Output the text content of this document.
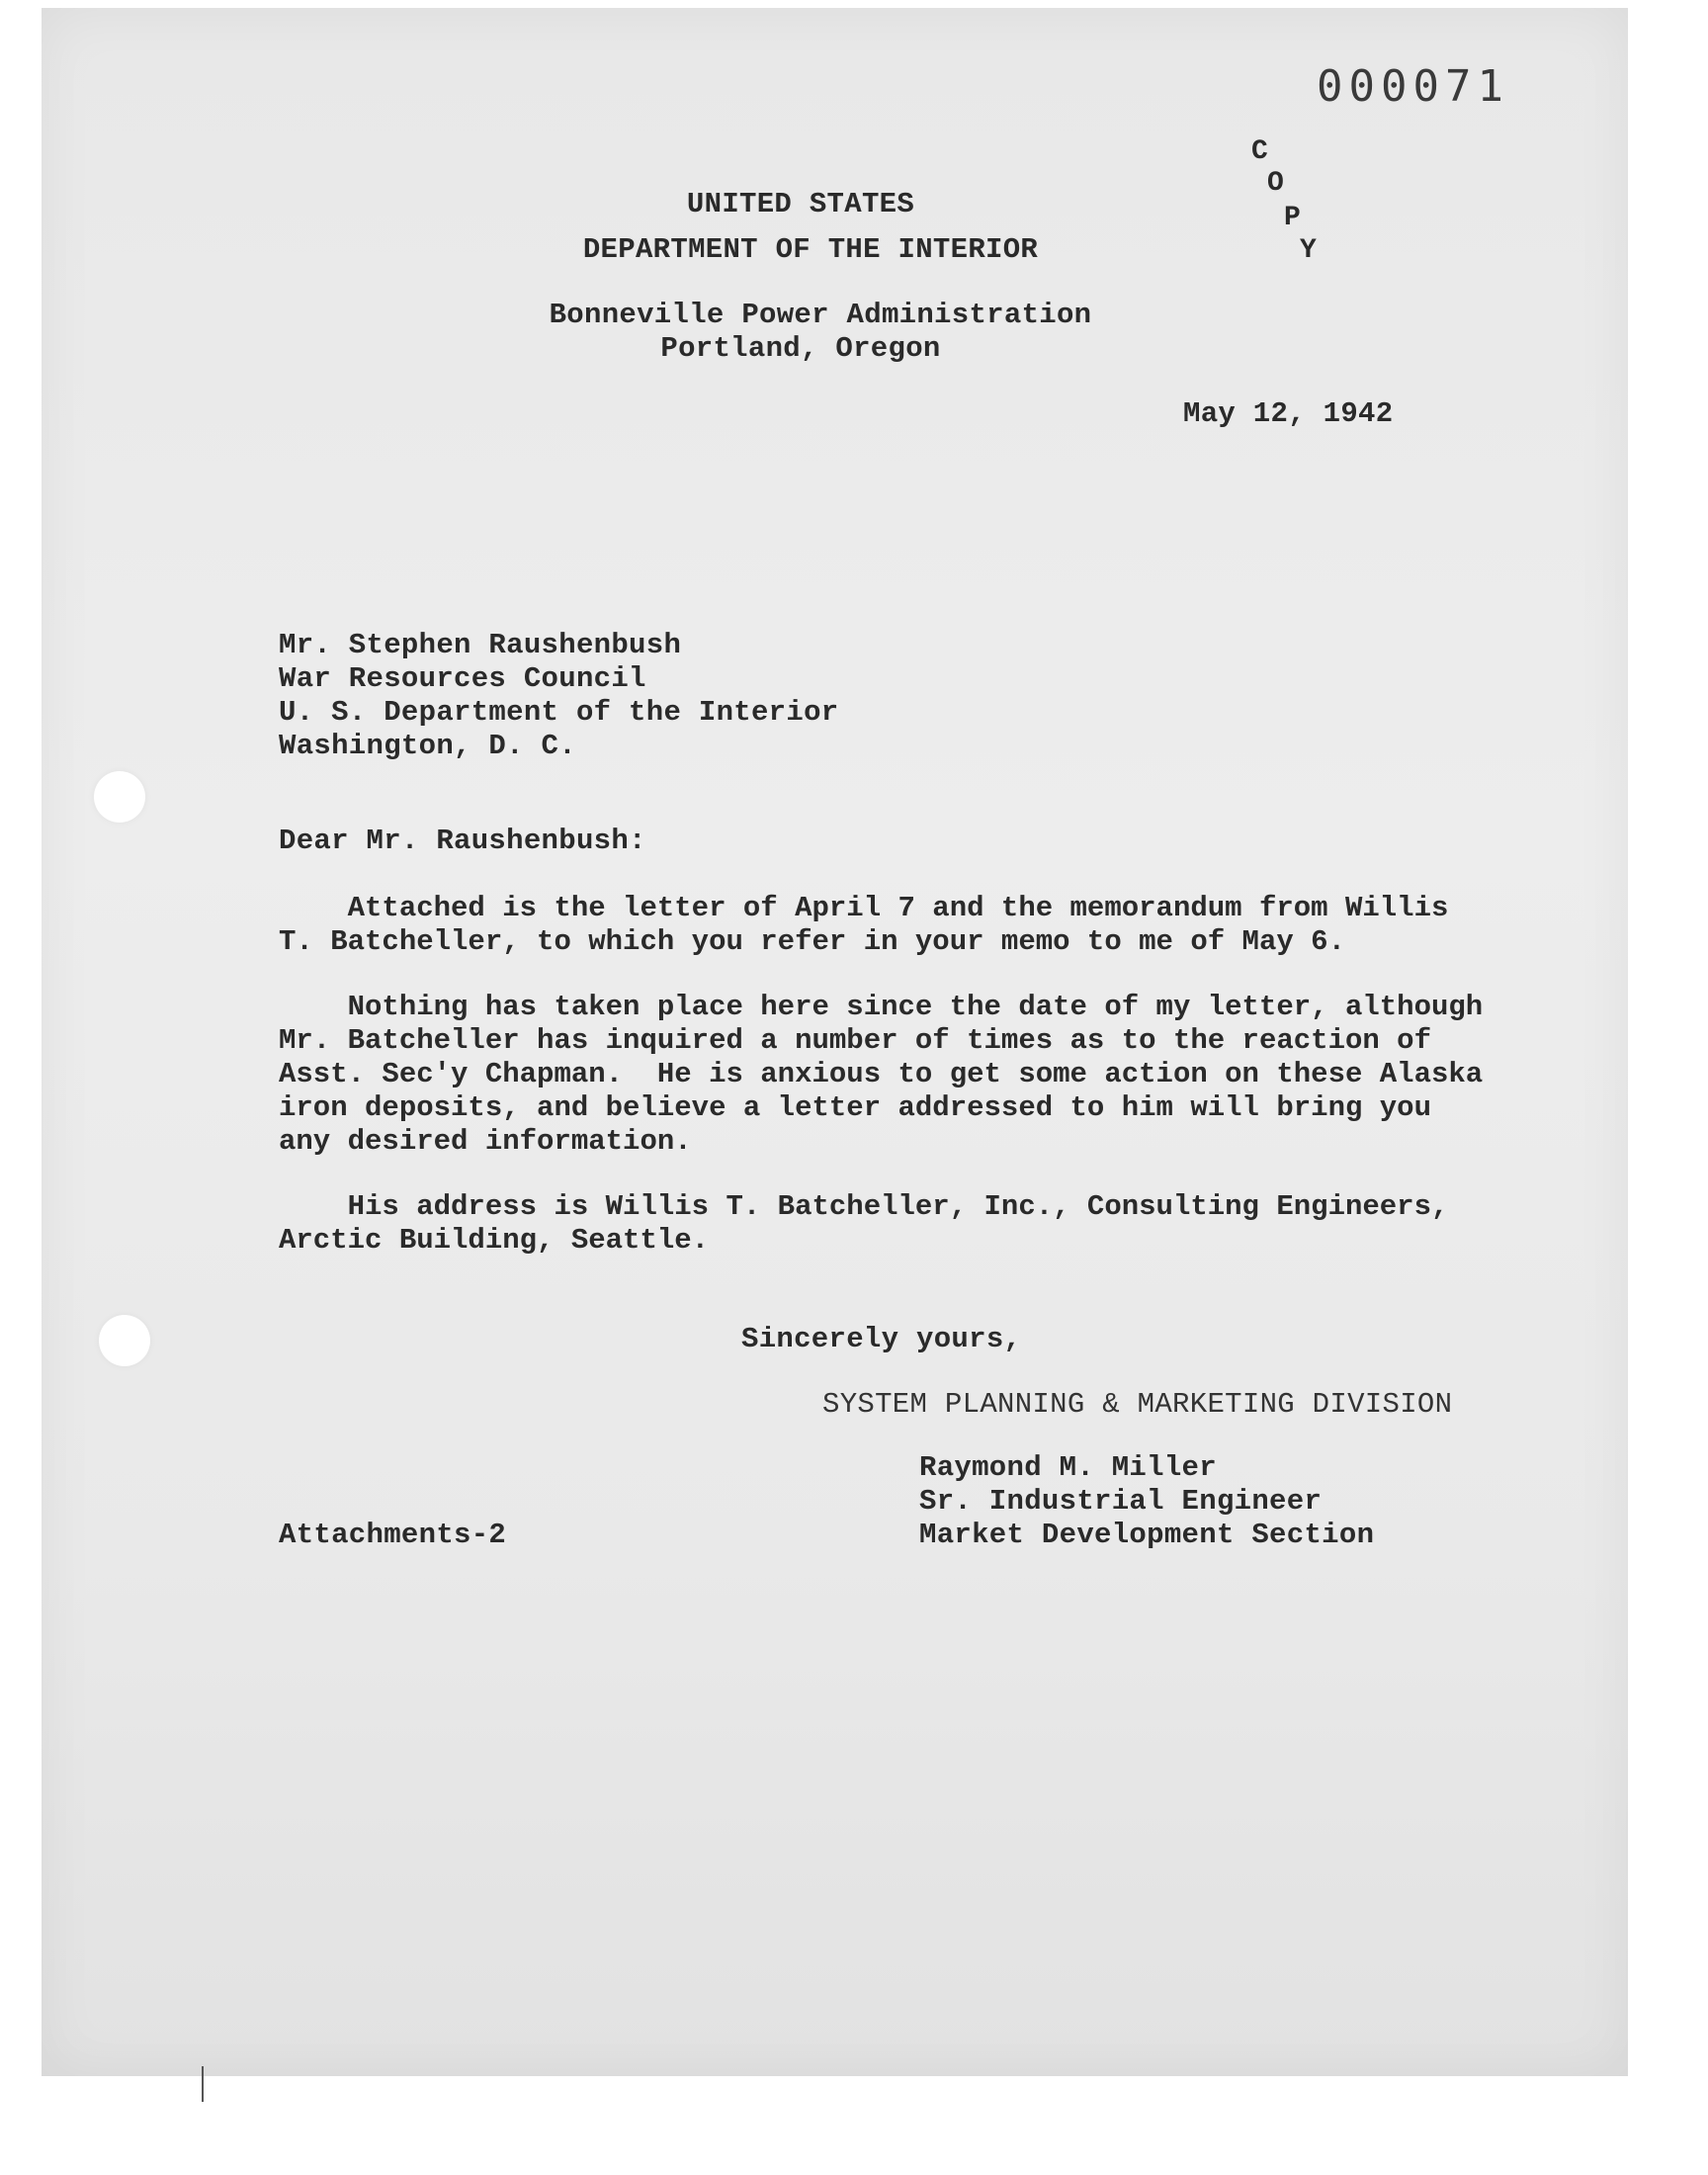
000071
C
O
P
Y
UNITED STATES
DEPARTMENT OF THE INTERIOR
Bonneville Power Administration
Portland, Oregon
May 12, 1942
Mr. Stephen Raushenbush
War Resources Council
U. S. Department of the Interior
Washington, D. C.
Dear Mr. Raushenbush:
Attached is the letter of April 7 and the memorandum from Willis
T. Batcheller, to which you refer in your memo to me of May 6.
Nothing has taken place here since the date of my letter, although
Mr. Batcheller has inquired a number of times as to the reaction of
Asst. Sec'y Chapman.  He is anxious to get some action on these Alaska
iron deposits, and believe a letter addressed to him will bring you
any desired information.
His address is Willis T. Batcheller, Inc., Consulting Engineers,
Arctic Building, Seattle.
Sincerely yours,
SYSTEM PLANNING & MARKETING DIVISION
Raymond M. Miller
Sr. Industrial Engineer
Market Development Section
Attachments-2
